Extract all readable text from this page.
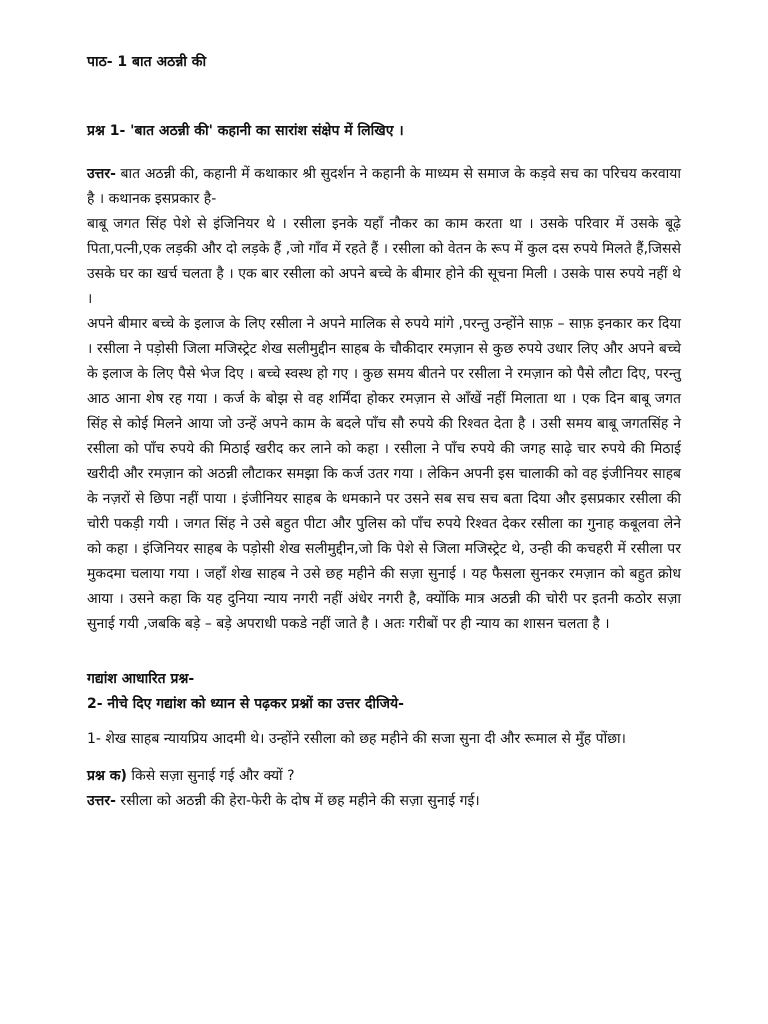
पाठ- 1 बात अठन्नी की
प्रश्न 1- 'बात अठन्नी की' कहानी का सारांश संक्षेप में लिखिए ।

उत्तर- बात अठन्नी की, कहानी में कथाकार श्री सुदर्शन ने कहानी के माध्यम से समाज के कड़वे सच का परिचय करवाया है । कथानक इसप्रकार है-

बाबू जगत सिंह पेशे से इंजिनियर थे । रसीला इनके यहाँ नौकर का काम करता था । उसके परिवार में उसके बूढ़े पिता,पत्नी,एक लड़की और दो लड़के हैं ,जो गाँव में रहते हैं । रसीला को वेतन के रूप में कुल दस रुपये मिलते हैं,जिससे उसके घर का खर्च चलता है । एक बार रसीला को अपने बच्चे के बीमार होने की सूचना मिली । उसके पास रुपये नहीं थे ।

अपने बीमार बच्चे के इलाज के लिए रसीला ने अपने मालिक से रुपये मांगे ,परन्तु उन्होंने साफ़ – साफ़ इनकार कर दिया । रसीला ने पड़ोसी जिला मजिस्ट्रेट शेख सलीमुद्दीन साहब के चौकीदार रमज़ान से कुछ रुपये उधार लिए और अपने बच्चे के इलाज के लिए पैसे भेज दिए । बच्चे स्वस्थ हो गए । कुछ समय बीतने पर रसीला ने रमज़ान को पैसे लौटा दिए, परन्तु आठ आना शेष रह गया । कर्ज के बोझ से वह शर्मिंदा होकर रमज़ान से आँखें नहीं मिलाता था । एक दिन बाबू जगत सिंह से कोई मिलने आया जो उन्हें अपने काम के बदले पाँच सौ रुपये की रिश्वत देता है । उसी समय बाबू जगतसिंह ने रसीला को पाँच रुपये की मिठाई खरीद कर लाने को कहा । रसीला ने पाँच रुपये की जगह साढ़े चार रुपये की मिठाई खरीदी और रमज़ान को अठन्नी लौटाकर समझा कि कर्ज उतर गया । लेकिन अपनी इस चालाकी को वह इंजीनियर साहब के नज़रों से छिपा नहीं पाया । इंजीनियर साहब के धमकाने पर उसने सब सच सच बता दिया और इसप्रकार रसीला की चोरी पकड़ी गयी । जगत सिंह ने उसे बहुत पीटा और पुलिस को पाँच रुपये रिश्वत देकर रसीला का गुनाह कबूलवा लेने को कहा । इंजिनियर साहब के पड़ोसी शेख सलीमुद्दीन,जो कि पेशे से जिला मजिस्ट्रेट थे, उन्ही की कचहरी में रसीला पर मुकदमा चलाया गया । जहाँ शेख साहब ने उसे छह महीने की सज़ा सुनाई । यह फैसला सुनकर रमज़ान को बहुत क्रोध आया । उसने कहा कि यह दुनिया न्याय नगरी नहीं अंधेर नगरी है, क्योंकि मात्र अठन्नी की चोरी पर इतनी कठोर सज़ा सुनाई गयी ,जबकि बड़े – बड़े अपराधी पकडे नहीं जाते है । अतः गरीबों पर ही न्याय का शासन चलता है ।

गद्यांश आधारित प्रश्न-
2- नीचे दिए गद्यांश को ध्यान से पढ़कर प्रश्नों का उत्तर दीजिये-

1- शेख साहब न्यायप्रिय आदमी थे। उन्होंने रसीला को छह महीने की सजा सुना दी और रूमाल से मुँह पोंछा।

प्रश्न क) किसे सज़ा सुनाई गई और क्यों ?

उत्तर- रसीला को अठन्नी की हेरा-फेरी के दोष में छह महीने की सज़ा सुनाई गई।
